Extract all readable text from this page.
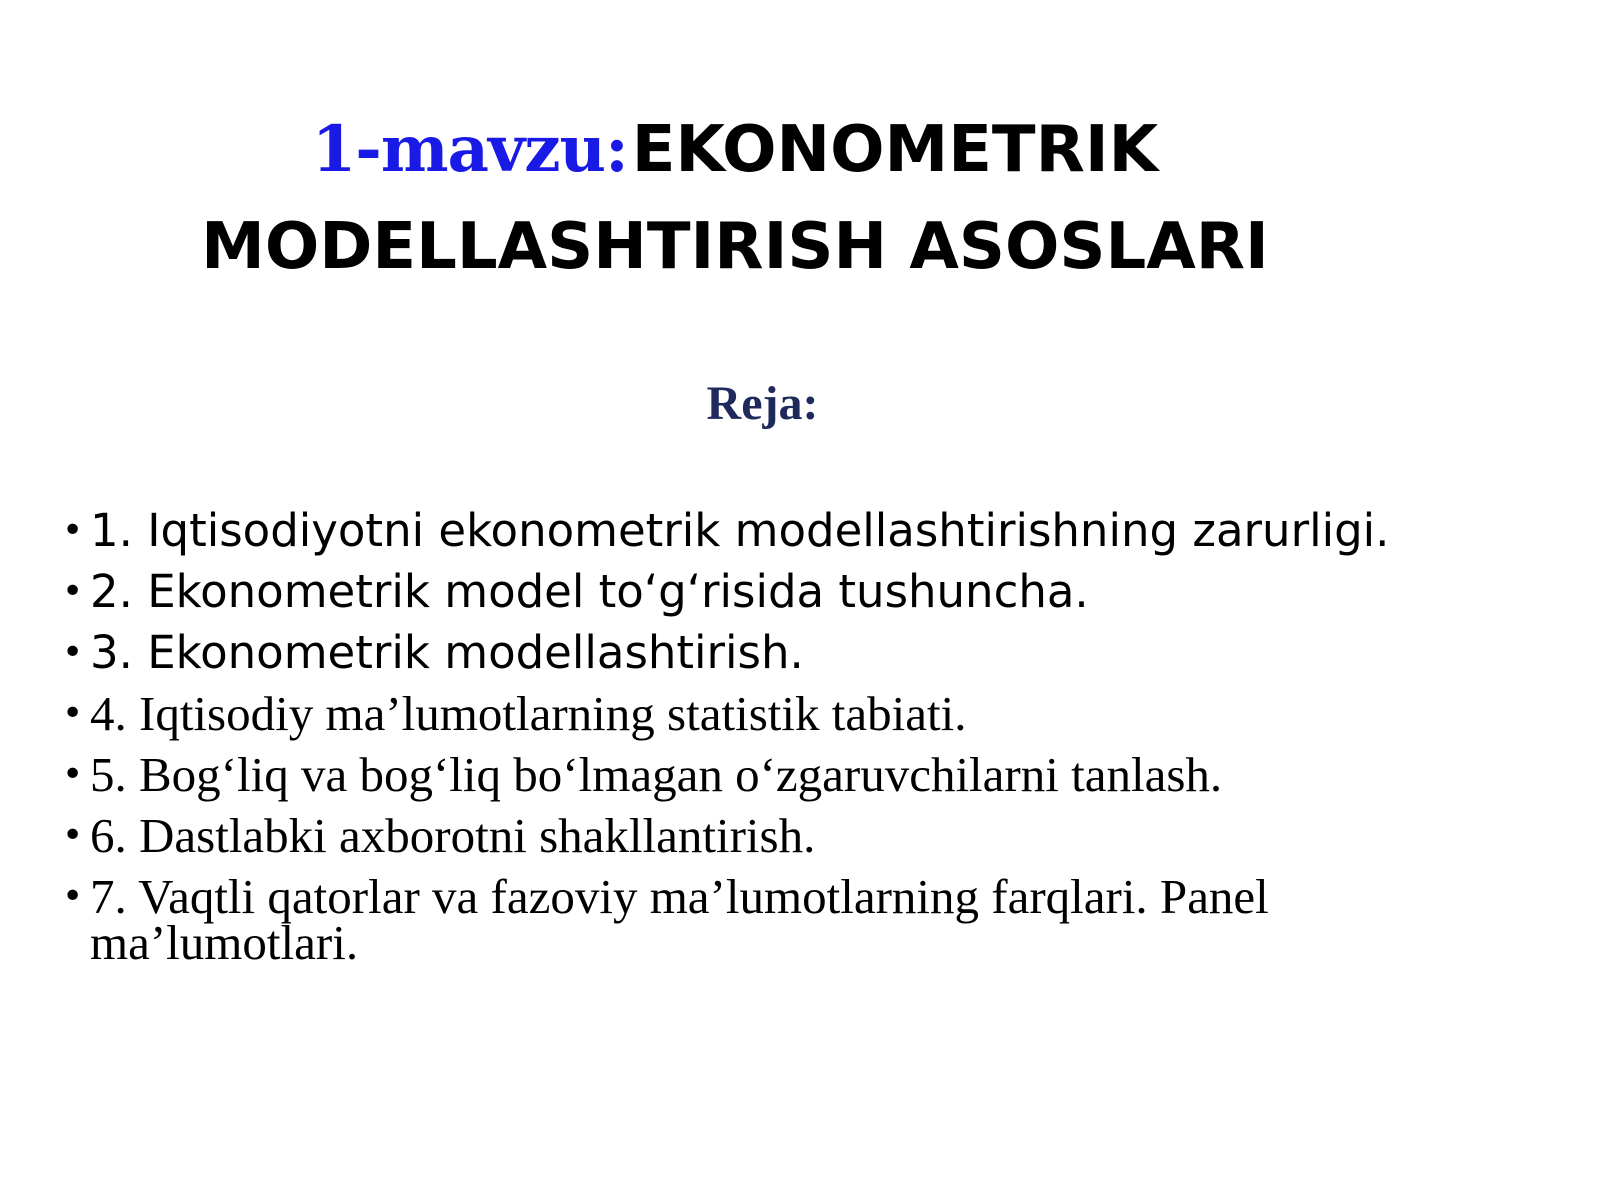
1-mavzu: EKONOMETRIK MODELLASHTIRISH ASOSLARI
Reja:
• 1. Iqtisodiyotni ekonometrik modellashtirishning zarurligi.
• 2. Ekonometrik model to‘g‘risida tushuncha.
• 3. Ekonometrik modellashtirish.
• 4. Iqtisodiy ma’lumotlarning statistik tabiati.
• 5. Bog‘liq va bog‘liq bo‘lmagan o‘zgaruvchilarni tanlash.
• 6. Dastlabki axborotni shakllantirish.
• 7. Vaqtli qatorlar va fazoviy ma’lumotlarning farqlari. Panel ma’lumotlari.
